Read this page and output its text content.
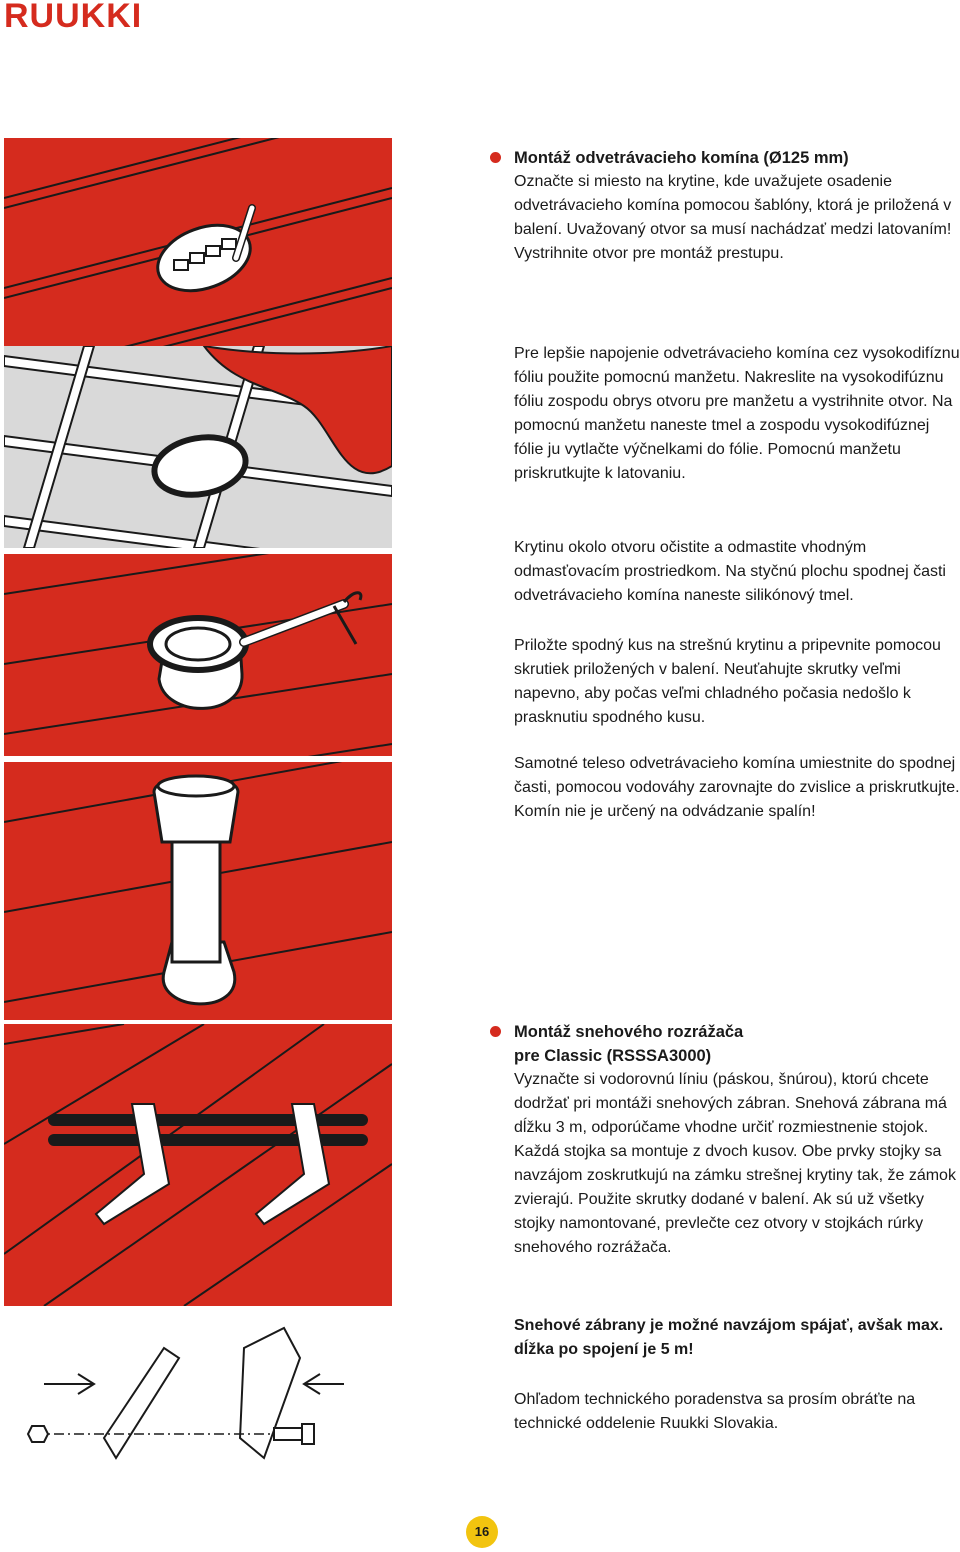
RUUKKI
Montáž odvetrávacieho komína (Ø125 mm)

Označte si miesto na krytine, kde uvažujete osadenie odvetrávacieho komína pomocou šablóny, ktorá je priložená v balení. Uvažovaný otvor sa musí nachádzať medzi latovaním! Vystrihnite otvor pre montáž prestupu.

Pre lepšie napojenie odvetrávacieho komína cez vysokodifíznu fóliu použite pomocnú manžetu. Nakreslite na vysokodifúznu fóliu zospodu obrys otvoru pre manžetu a vystrihnite otvor. Na pomocnú manžetu naneste tmel a zospodu vysokodifúznej fólie ju vytlačte výčnelkami do fólie. Pomocnú manžetu priskrutkujte k latovaniu.

Krytinu okolo otvoru očistite a odmastite vhodným odmasťovacím prostriedkom. Na styčnú plochu spodnej časti odvetrávacieho komína naneste silikónový tmel.

Priložte spodný kus na strešnú krytinu a pripevnite pomocou skrutiek priložených v balení. Neuťahujte skrutky veľmi napevno, aby počas veľmi chladného počasia nedošlo k prasknutiu spodného kusu.

Samotné teleso odvetrávacieho komína umiestnite do spodnej časti, pomocou vodováhy zarovnajte do zvislice a priskrutkujte. Komín nie je určený na odvádzanie spalín!

Montáž snehového rozrážača
pre Classic (RSSSA3000)

Vyznačte si vodorovnú líniu (páskou, šnúrou), ktorú chcete dodržať pri montáži snehových zábran. Snehová zábrana má dĺžku 3 m, odporúčame vhodne určiť rozmiestnenie stojok. Každá stojka sa montuje z dvoch kusov. Obe prvky stojky sa navzájom zoskrutkujú na zámku strešnej krytiny tak, že zámok zvierajú. Použite skrutky dodané v balení. Ak sú už všetky stojky namontované, prevlečte cez otvory v stojkách rúrky snehového rozrážača.

Snehové zábrany je možné navzájom spájať, avšak max. dĺžka po spojení je 5 m!

Ohľadom technického poradenstva sa prosím obráťte na technické oddelenie Ruukki Slovakia.

16
